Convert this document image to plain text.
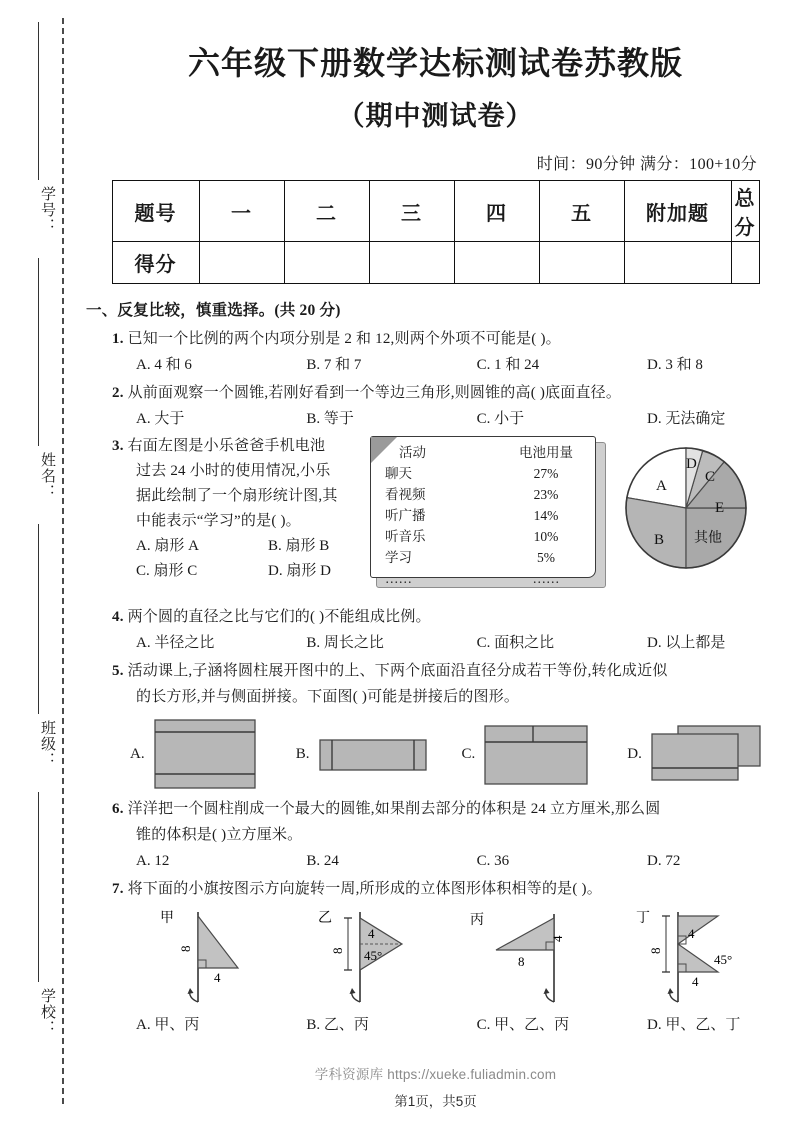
学号：
姓名：
班级：
学校：
六年级下册数学达标测试卷苏教版
（期中测试卷）
时间：90分钟 满分：100+10分
题号	一	二	三	四	五	附加题	总分
得分							
一、反复比较，慎重选择。(共 20 分)
1. 已知一个比例的两个内项分别是 2 和 12,则两个外项不可能是( )。
A. 4 和 6	B. 7 和 7	C. 1 和 24	D. 3 和 8
2. 从前面观察一个圆锥,若刚好看到一个等边三角形,则圆锥的高( )底面直径。
A. 大于	B. 等于	C. 小于	D. 无法确定
3. 右面左图是小乐爸爸手机电池
过去 24 小时的使用情况,小乐
据此绘制了一个扇形统计图,其
中能表示“学习”的是( )。
A. 扇形 A	B. 扇形 B
C. 扇形 C	D. 扇形 D
活动	电池用量
聊天	27%
看视频	23%
听广播	14%
听音乐	10%
学习	5%
……	……
A
B 其他
E
C
D
4. 两个圆的直径之比与它们的( )不能组成比例。
A. 半径之比	B. 周长之比	C. 面积之比	D. 以上都是
5. 活动课上,子涵将圆柱展开图中的上、下两个底面沿直径分成若干等份,转化成近似
的长方形,并与侧面拼接。下面图( )可能是拼接后的图形。
A.	B.	C.	D.
6. 洋洋把一个圆柱削成一个最大的圆锥,如果削去部分的体积是 24 立方厘米,那么圆
锥的体积是( )立方厘米。
A. 12	B. 24	C. 36	D. 72
7. 将下面的小旗按图示方向旋转一周,所形成的立体图形体积相等的是( )。
甲
8
4
乙
8
4
45°
丙
4
8
丁
8
4
4
45°
A. 甲、丙	B. 乙、丙	C. 甲、乙、丙	D. 甲、乙、丁
学科资源库 https://xueke.fuliadmin.com
第1页，共5页
